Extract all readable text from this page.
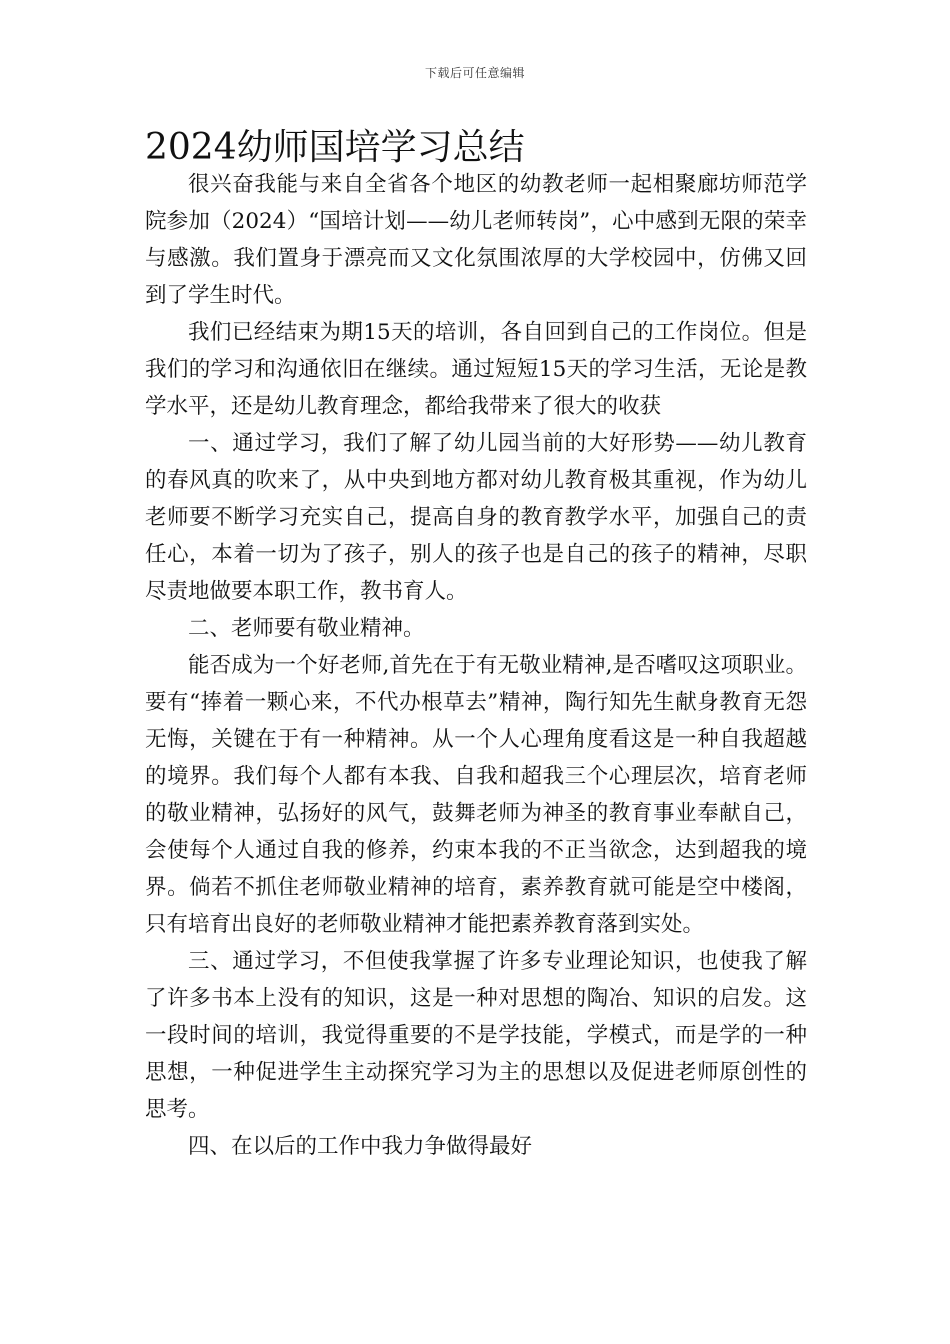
下载后可任意编辑
2024幼师国培学习总结

很兴奋我能与来自全省各个地区的幼教老师一起相聚廊坊师范学院参加（2024）“国培计划——幼儿老师转岗”，心中感到无限的荣幸与感激。我们置身于漂亮而又文化氛围浓厚的大学校园中，仿佛又回到了学生时代。

我们已经结束为期15天的培训，各自回到自己的工作岗位。但是我们的学习和沟通依旧在继续。通过短短15天的学习生活，无论是教学水平，还是幼儿教育理念，都给我带来了很大的收获

一、通过学习，我们了解了幼儿园当前的大好形势——幼儿教育的春风真的吹来了，从中央到地方都对幼儿教育极其重视，作为幼儿老师要不断学习充实自己，提高自身的教育教学水平，加强自己的责任心，本着一切为了孩子，别人的孩子也是自己的孩子的精神，尽职尽责地做要本职工作，教书育人。

二、老师要有敬业精神。

能否成为一个好老师,首先在于有无敬业精神,是否嗜叹这项职业。要有“捧着一颗心来，不代办根草去”精神，陶行知先生献身教育无怨无悔，关键在于有一种精神。从一个人心理角度看这是一种自我超越的境界。我们每个人都有本我、自我和超我三个心理层次，培育老师的敬业精神，弘扬好的风气，鼓舞老师为神圣的教育事业奉献自己，会使每个人通过自我的修养，约束本我的不正当欲念，达到超我的境界。倘若不抓住老师敬业精神的培育，素养教育就可能是空中楼阁，只有培育出良好的老师敬业精神才能把素养教育落到实处。

三、通过学习，不但使我掌握了许多专业理论知识，也使我了解了许多书本上没有的知识，这是一种对思想的陶冶、知识的启发。这一段时间的培训，我觉得重要的不是学技能，学模式，而是学的一种思想，一种促进学生主动探究学习为主的思想以及促进老师原创性的思考。

四、在以后的工作中我力争做得最好
